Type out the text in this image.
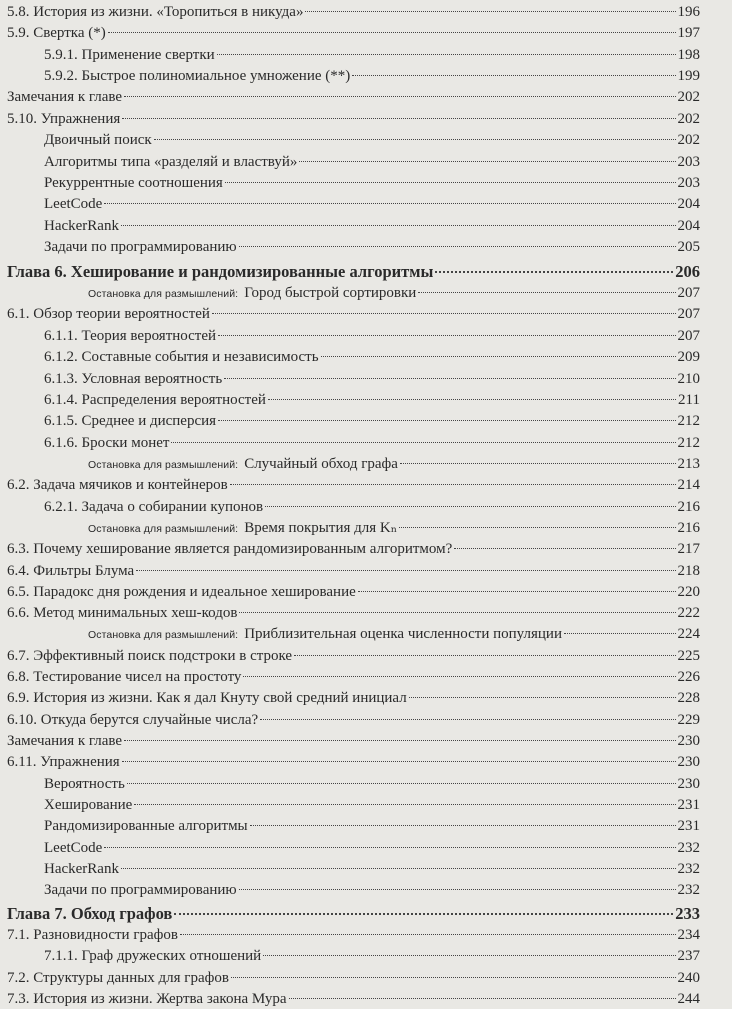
5.8. История из жизни. «Торопиться в никуда»	196
5.9. Свертка (*)	197
5.9.1. Применение свертки	198
5.9.2. Быстрое полиномиальное умножение (**)	199
Замечания к главе	202
5.10. Упражнения	202
Двоичный поиск	202
Алгоритмы типа «разделяй и властвуй»	203
Рекуррентные соотношения	203
LeetCode	204
HackerRank	204
Задачи по программированию	205
Глава 6. Хеширование и рандомизированные алгоритмы	206
Остановка для размышлений: Город быстрой сортировки	207
6.1. Обзор теории вероятностей	207
6.1.1. Теория вероятностей	207
6.1.2. Составные события и независимость	209
6.1.3. Условная вероятность	210
6.1.4. Распределения вероятностей	211
6.1.5. Среднее и дисперсия	212
6.1.6. Броски монет	212
Остановка для размышлений: Случайный обход графа	213
6.2. Задача мячиков и контейнеров	214
6.2.1. Задача о собирании купонов	216
Остановка для размышлений: Время покрытия для Kₙ	216
6.3. Почему хеширование является рандомизированным алгоритмом?	217
6.4. Фильтры Блума	218
6.5. Парадокс дня рождения и идеальное хеширование	220
6.6. Метод минимальных хеш-кодов	222
Остановка для размышлений: Приблизительная оценка численности популяции	224
6.7. Эффективный поиск подстроки в строке	225
6.8. Тестирование чисел на простоту	226
6.9. История из жизни. Как я дал Кнуту свой средний инициал	228
6.10. Откуда берутся случайные числа?	229
Замечания к главе	230
6.11. Упражнения	230
Вероятность	230
Хеширование	231
Рандомизированные алгоритмы	231
LeetCode	232
HackerRank	232
Задачи по программированию	232
Глава 7. Обход графов	233
7.1. Разновидности графов	234
7.1.1. Граф дружеских отношений	237
7.2. Структуры данных для графов	240
7.3. История из жизни. Жертва закона Мура	244
